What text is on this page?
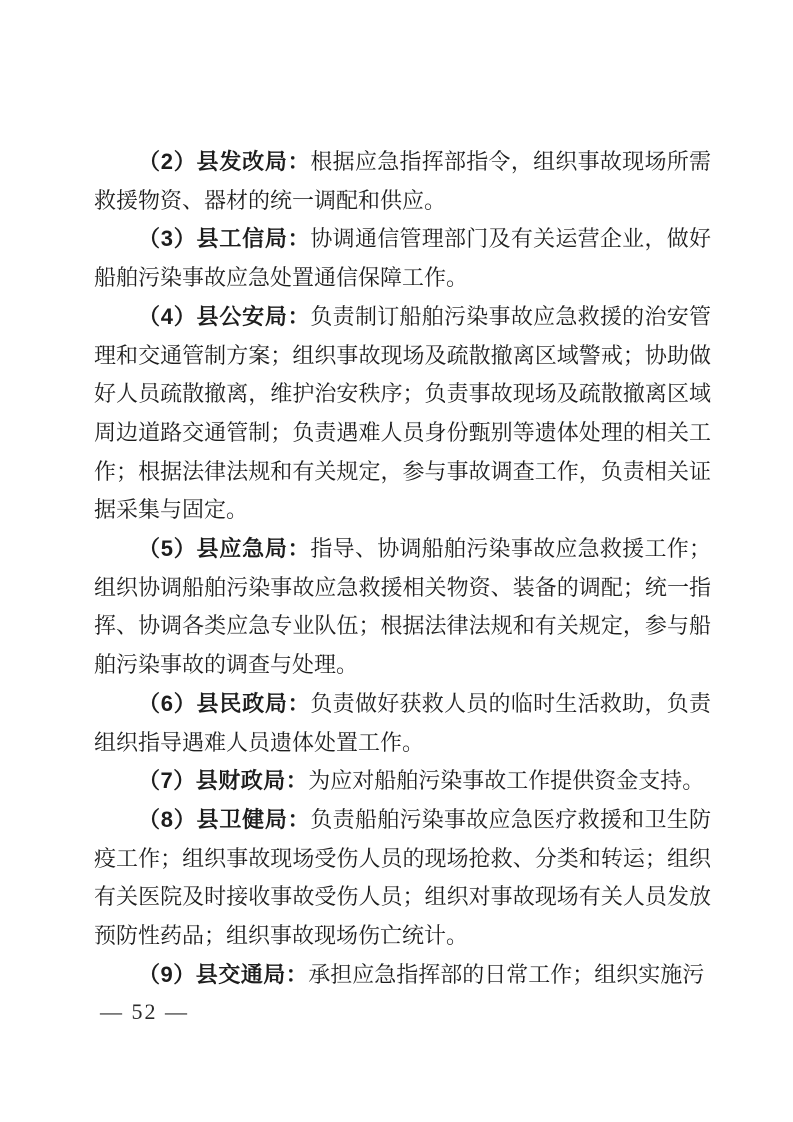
（2）县发改局：根据应急指挥部指令，组织事故现场所需救援物资、器材的统一调配和供应。

（3）县工信局：协调通信管理部门及有关运营企业，做好船舶污染事故应急处置通信保障工作。

（4）县公安局：负责制订船舶污染事故应急救援的治安管理和交通管制方案；组织事故现场及疏散撤离区域警戒；协助做好人员疏散撤离，维护治安秩序；负责事故现场及疏散撤离区域周边道路交通管制；负责遇难人员身份甄别等遗体处理的相关工作；根据法律法规和有关规定，参与事故调查工作，负责相关证据采集与固定。

（5）县应急局：指导、协调船舶污染事故应急救援工作；组织协调船舶污染事故应急救援相关物资、装备的调配；统一指挥、协调各类应急专业队伍；根据法律法规和有关规定，参与船舶污染事故的调查与处理。

（6）县民政局：负责做好获救人员的临时生活救助，负责组织指导遇难人员遗体处置工作。

（7）县财政局：为应对船舶污染事故工作提供资金支持。

（8）县卫健局：负责船舶污染事故应急医疗救援和卫生防疫工作；组织事故现场受伤人员的现场抢救、分类和转运；组织有关医院及时接收事故受伤人员；组织对事故现场有关人员发放预防性药品；组织事故现场伤亡统计。

（9）县交通局：承担应急指挥部的日常工作；组织实施污

— 52 —
